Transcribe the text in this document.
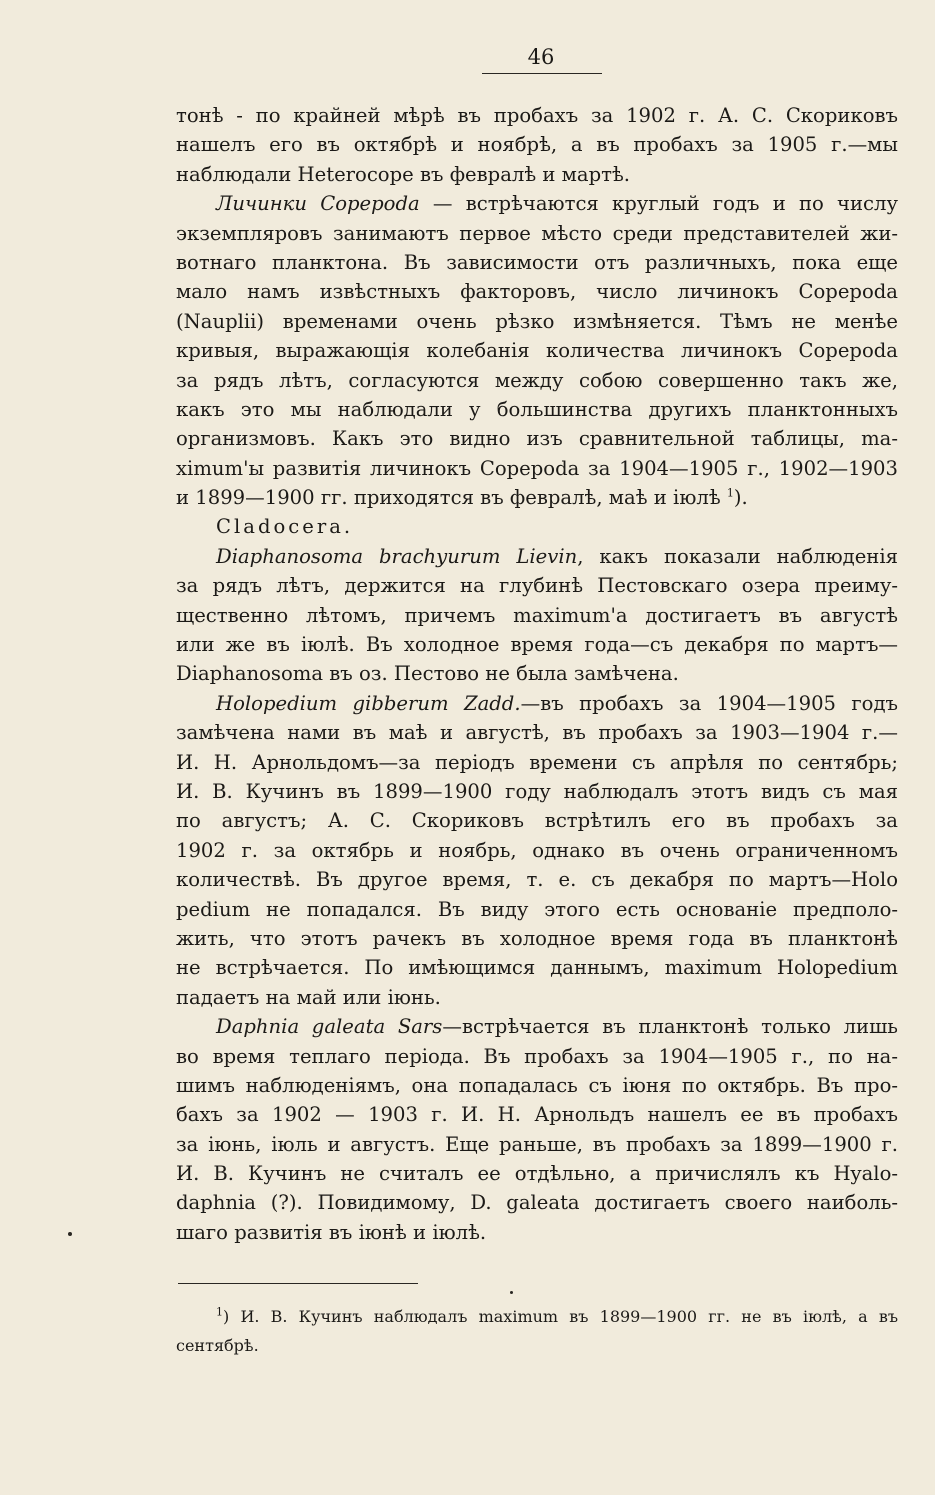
46
тонѣ - по крайней мѣрѣ въ пробахъ за 1902 г. А. С. Скориковъ
нашелъ его въ октябрѣ и ноябрѣ, а въ пробахъ за 1905 г.—мы
наблюдали Heterocope въ февралѣ и мартѣ.
Личинки Copepoda — встрѣчаются круглый годъ и по числу
экземпляровъ занимаютъ первое мѣсто среди представителей жи-
вотнаго планктона. Въ зависимости отъ различныхъ, пока еще
мало намъ извѣстныхъ факторовъ, число личинокъ Copepoda
(Nauplii) временами очень рѣзко измѣняется. Тѣмъ не менѣе
кривыя, выражающія колебанія количества личинокъ Copepoda
за рядъ лѣтъ, согласуются между собою совершенно такъ же,
какъ это мы наблюдали у большинства другихъ планктонныхъ
организмовъ. Какъ это видно изъ сравнительной таблицы, ma-
ximum'ы развитія личинокъ Copepoda за 1904—1905 г., 1902—1903
и 1899—1900 гг. приходятся въ февралѣ, маѣ и іюлѣ $^1$).
Cladocera.
Diaphanosoma brachyurum Lievin, какъ показали наблюденія
за рядъ лѣтъ, держится на глубинѣ Пестовскаго озера преиму-
щественно лѣтомъ, причемъ maximum'a достигаетъ въ августѣ
или же въ іюлѣ. Въ холодное время года—съ декабря по мартъ—
Diaphanosoma въ оз. Пестово не была замѣчена.
Holopedium gibberum Zadd.—въ пробахъ за 1904—1905 годъ
замѣчена нами въ маѣ и августѣ, въ пробахъ за 1903—1904 г.—
И. Н. Арнольдомъ—за періодъ времени съ апрѣля по сентябрь;
И. В. Кучинъ въ 1899—1900 году наблюдалъ этотъ видъ съ мая
по августъ; А. С. Скориковъ встрѣтилъ его въ пробахъ за
1902 г. за октябрь и ноябрь, однако въ очень ограниченномъ
количествѣ. Въ другое время, т. е. съ декабря по мартъ—Holo
pedium не попадался. Въ виду этого есть основаніе предполо-
жить, что этотъ рачекъ въ холодное время года въ планктонѣ
не встрѣчается. По имѣющимся даннымъ, maximum Holopedium
падаетъ на май или іюнь.
Daphnia galeata Sars—встрѣчается въ планктонѣ только лишь
во время теплаго періода. Въ пробахъ за 1904—1905 г., по на-
шимъ наблюденіямъ, она попадалась съ іюня по октябрь. Въ про-
бахъ за 1902 — 1903 г. И. Н. Арнольдъ нашелъ ее въ пробахъ
за іюнь, іюль и августъ. Еще раньше, въ пробахъ за 1899—1900 г.
И. В. Кучинъ не считалъ ее отдѣльно, а причислялъ къ Hyalo-
daphnia (?). Повидимому, D. galeata достигаетъ своего наиболь-
шаго развитія въ іюнѣ и іюлѣ.
$^1$) И. В. Кучинъ наблюдалъ maximum въ 1899—1900 гг. не въ іюлѣ, а въ
сентябрѣ.
